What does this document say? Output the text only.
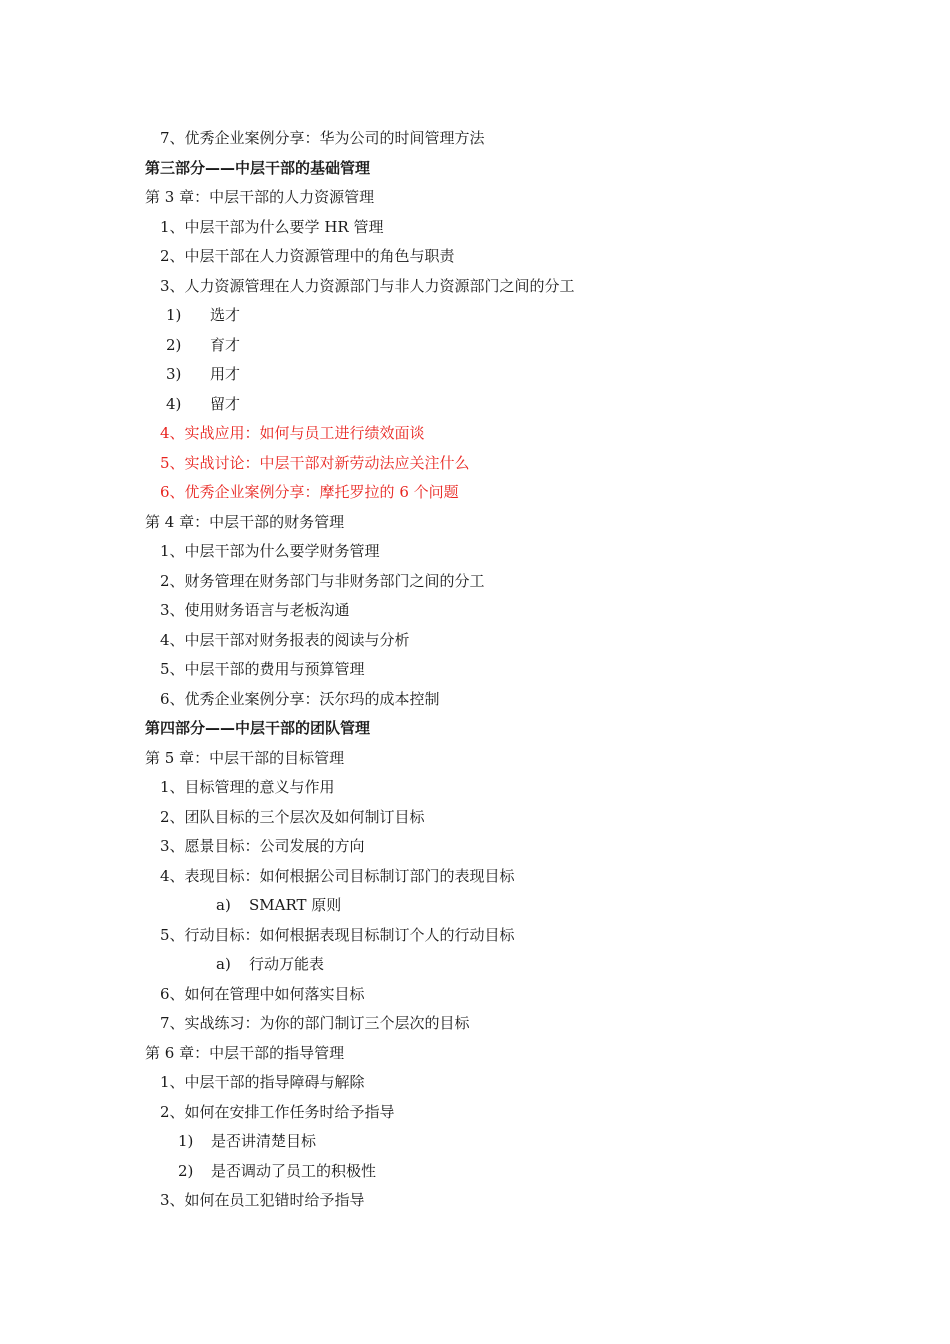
7、优秀企业案例分享：华为公司的时间管理方法
第三部分——中层干部的基础管理
第 3 章：中层干部的人力资源管理
1、中层干部为什么要学 HR 管理
2、中层干部在人力资源管理中的角色与职责
3、人力资源管理在人力资源部门与非人力资源部门之间的分工
1) 选才
2) 育才
3) 用才
4) 留才
4、实战应用：如何与员工进行绩效面谈
5、实战讨论：中层干部对新劳动法应关注什么
6、优秀企业案例分享：摩托罗拉的 6 个问题
第 4 章：中层干部的财务管理
1、中层干部为什么要学财务管理
2、财务管理在财务部门与非财务部门之间的分工
3、使用财务语言与老板沟通
4、中层干部对财务报表的阅读与分析
5、中层干部的费用与预算管理
6、优秀企业案例分享：沃尔玛的成本控制
第四部分——中层干部的团队管理
第 5 章：中层干部的目标管理
1、目标管理的意义与作用
2、团队目标的三个层次及如何制订目标
3、愿景目标：公司发展的方向
4、表现目标：如何根据公司目标制订部门的表现目标
a) SMART 原则
5、行动目标：如何根据表现目标制订个人的行动目标
a) 行动万能表
6、如何在管理中如何落实目标
7、实战练习：为你的部门制订三个层次的目标
第 6 章：中层干部的指导管理
1、中层干部的指导障碍与解除
2、如何在安排工作任务时给予指导
1) 是否讲清楚目标
2) 是否调动了员工的积极性
3、如何在员工犯错时给予指导
